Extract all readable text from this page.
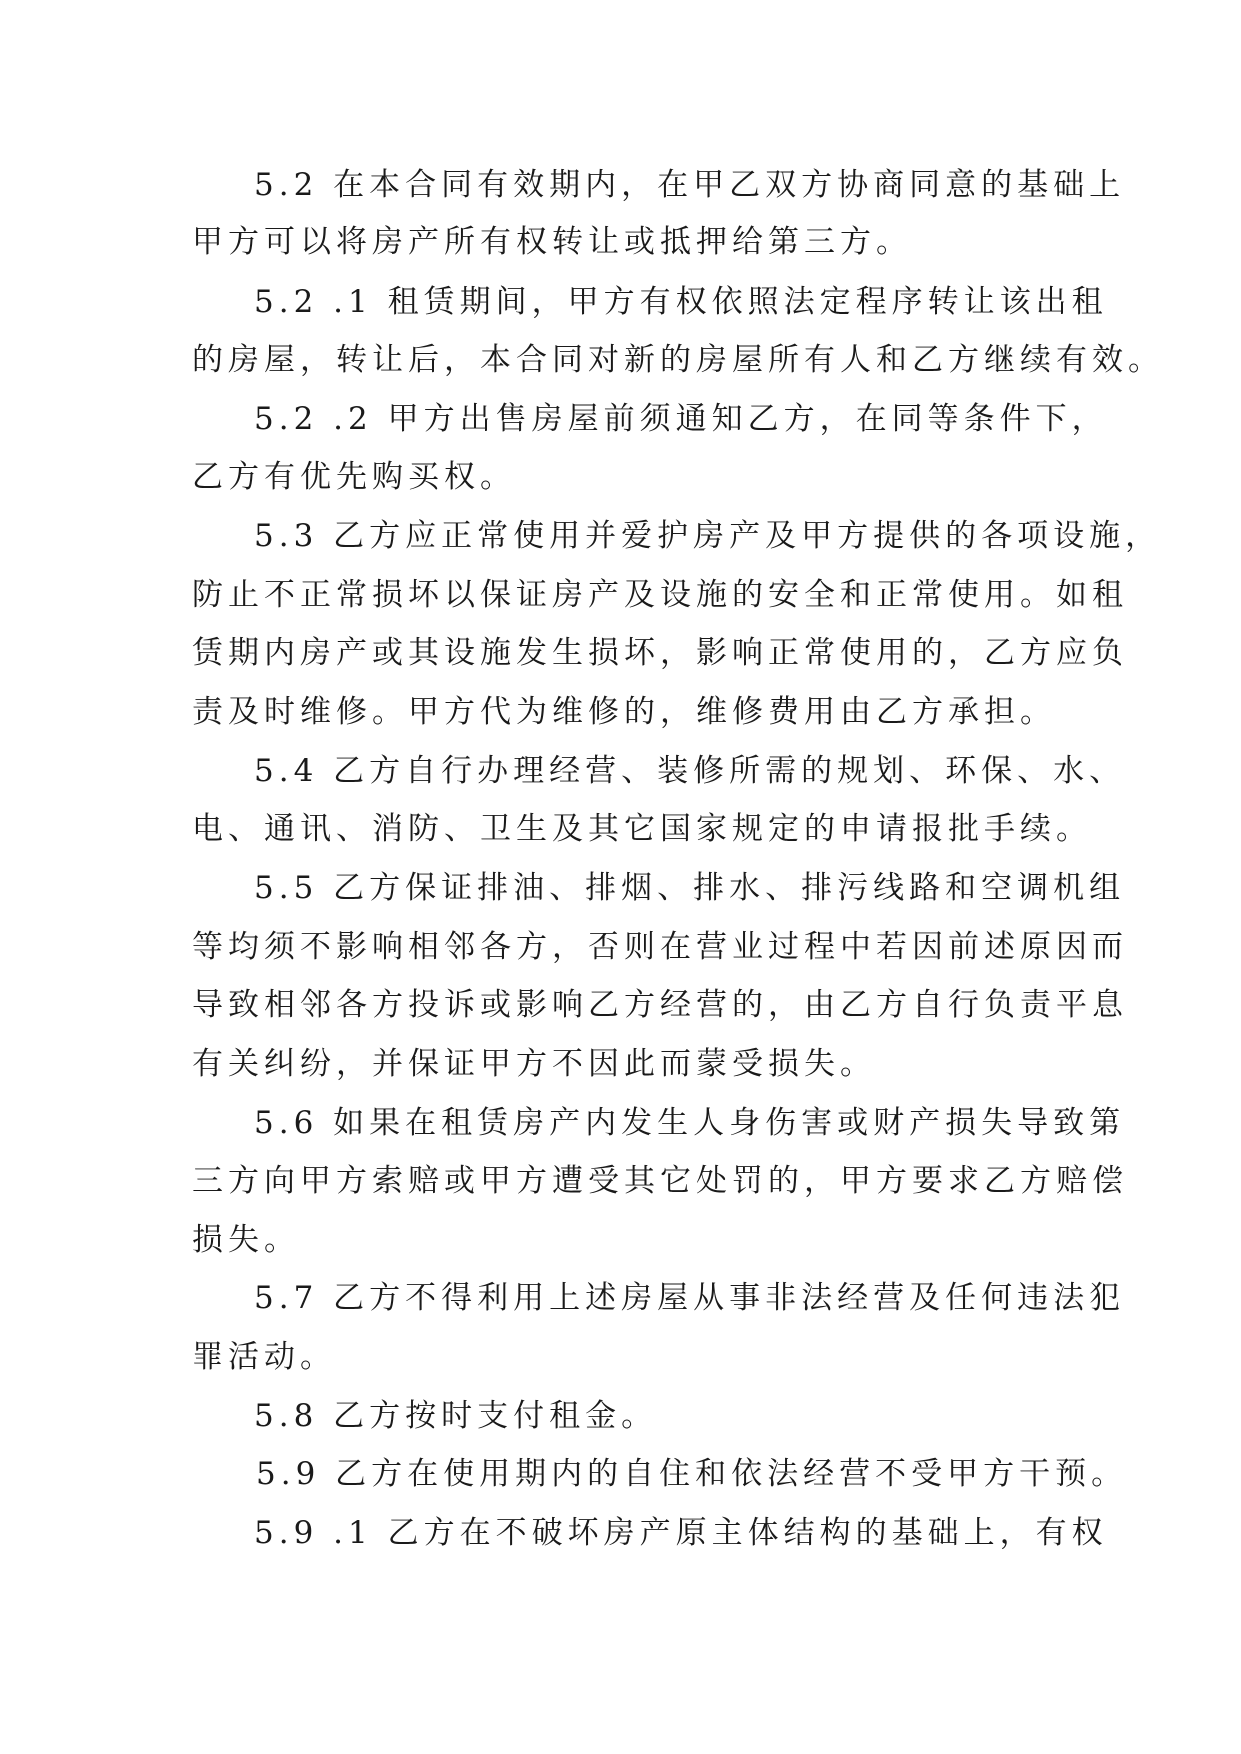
5.2 在本合同有效期内，在甲乙双方协商同意的基础上
甲方可以将房产所有权转让或抵押给第三方。
5.2 .1 租赁期间，甲方有权依照法定程序转让该出租
的房屋，转让后，本合同对新的房屋所有人和乙方继续有效。
5.2 .2 甲方出售房屋前须通知乙方，在同等条件下，
乙方有优先购买权。
5.3 乙方应正常使用并爱护房产及甲方提供的各项设施，
防止不正常损坏以保证房产及设施的安全和正常使用。如租
赁期内房产或其设施发生损坏，影响正常使用的，乙方应负
责及时维修。甲方代为维修的，维修费用由乙方承担。
5.4 乙方自行办理经营、装修所需的规划、环保、水、
电、通讯、消防、卫生及其它国家规定的申请报批手续。
5.5 乙方保证排油、排烟、排水、排污线路和空调机组
等均须不影响相邻各方，否则在营业过程中若因前述原因而
导致相邻各方投诉或影响乙方经营的，由乙方自行负责平息
有关纠纷，并保证甲方不因此而蒙受损失。
5.6 如果在租赁房产内发生人身伤害或财产损失导致第
三方向甲方索赔或甲方遭受其它处罚的，甲方要求乙方赔偿
损失。
5.7 乙方不得利用上述房屋从事非法经营及任何违法犯
罪活动。
5.8 乙方按时支付租金。
5.9 乙方在使用期内的自住和依法经营不受甲方干预。
5.9 .1 乙方在不破坏房产原主体结构的基础上，有权
